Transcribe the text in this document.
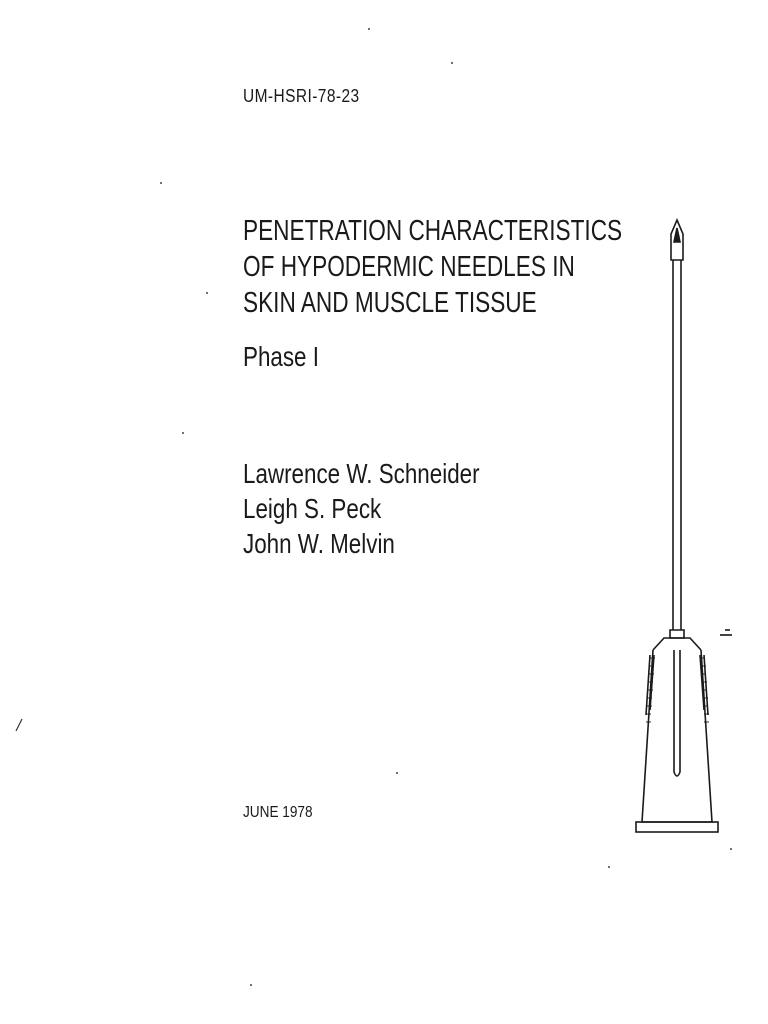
UM-HSRI-78-23
PENETRATION CHARACTERISTICS
OF HYPODERMIC NEEDLES IN
SKIN AND MUSCLE TISSUE
Phase I
Lawrence W. Schneider
Leigh S. Peck
John W. Melvin
JUNE 1978
